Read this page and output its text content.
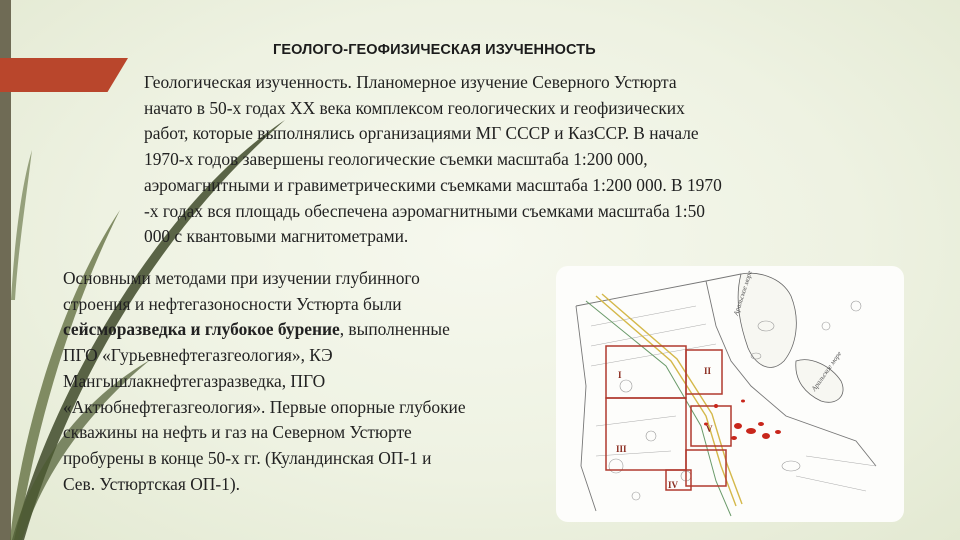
ГЕОЛОГО-ГЕОФИЗИЧЕСКАЯ ИЗУЧЕННОСТЬ
Геологическая изученность. Планомерное изучение Северного Устюрта
начато в 50-х годах XX века комплексом геологических и геофизических
работ, которые выполнялись организациями МГ СССР и КазССР. В начале
1970-х годов завершены геологические съемки масштаба 1:200 000,
аэромагнитными и гравиметрическими съемками масштаба 1:200 000. В 1970
-х годах вся площадь обеспечена аэромагнитными съемками масштаба 1:50
000 с квантовыми магнитометрами.
Основными методами при изучении глубинного
строения и нефтегазоносности Устюрта были
сейсморазведка и глубокое бурение, выполненные
ПГО «Гурьевнефтегазгеология», КЭ
Мангышлакнефтегазразведка, ПГО
«Актюбнефтегазгеология». Первые опорные глубокие
скважины на нефть и газ на Северном Устюрте
пробурены в конце 50-х гг. (Куландинская ОП-1 и
Сев. Устюртская ОП-1).
I	II
III
IV
V
Аральское море
Аральское море
